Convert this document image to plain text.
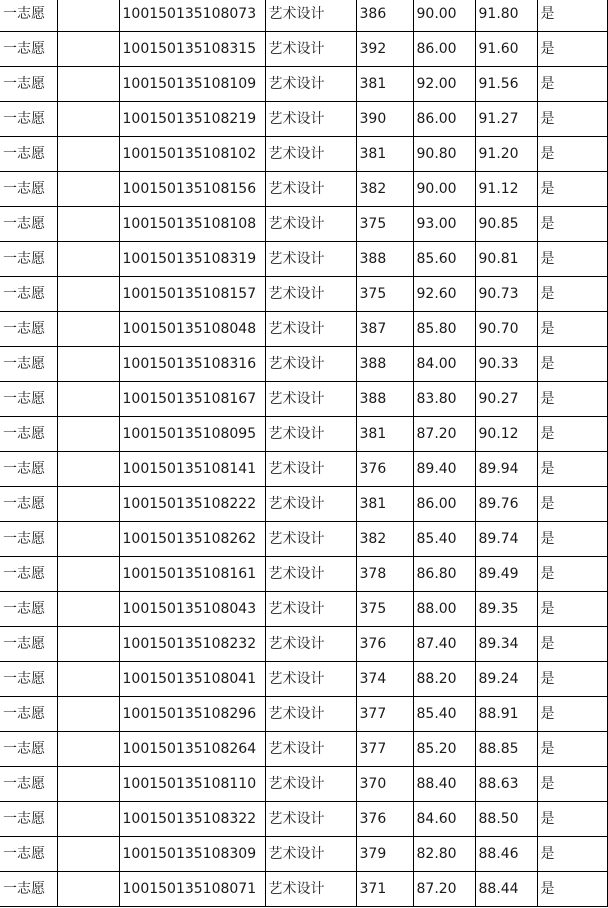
一志愿		100150135108073	艺术设计	386	90.00	91.80	是
一志愿		100150135108315	艺术设计	392	86.00	91.60	是
一志愿		100150135108109	艺术设计	381	92.00	91.56	是
一志愿		100150135108219	艺术设计	390	86.00	91.27	是
一志愿		100150135108102	艺术设计	381	90.80	91.20	是
一志愿		100150135108156	艺术设计	382	90.00	91.12	是
一志愿		100150135108108	艺术设计	375	93.00	90.85	是
一志愿		100150135108319	艺术设计	388	85.60	90.81	是
一志愿		100150135108157	艺术设计	375	92.60	90.73	是
一志愿		100150135108048	艺术设计	387	85.80	90.70	是
一志愿		100150135108316	艺术设计	388	84.00	90.33	是
一志愿		100150135108167	艺术设计	388	83.80	90.27	是
一志愿		100150135108095	艺术设计	381	87.20	90.12	是
一志愿		100150135108141	艺术设计	376	89.40	89.94	是
一志愿		100150135108222	艺术设计	381	86.00	89.76	是
一志愿		100150135108262	艺术设计	382	85.40	89.74	是
一志愿		100150135108161	艺术设计	378	86.80	89.49	是
一志愿		100150135108043	艺术设计	375	88.00	89.35	是
一志愿		100150135108232	艺术设计	376	87.40	89.34	是
一志愿		100150135108041	艺术设计	374	88.20	89.24	是
一志愿		100150135108296	艺术设计	377	85.40	88.91	是
一志愿		100150135108264	艺术设计	377	85.20	88.85	是
一志愿		100150135108110	艺术设计	370	88.40	88.63	是
一志愿		100150135108322	艺术设计	376	84.60	88.50	是
一志愿		100150135108309	艺术设计	379	82.80	88.46	是
一志愿		100150135108071	艺术设计	371	87.20	88.44	是
